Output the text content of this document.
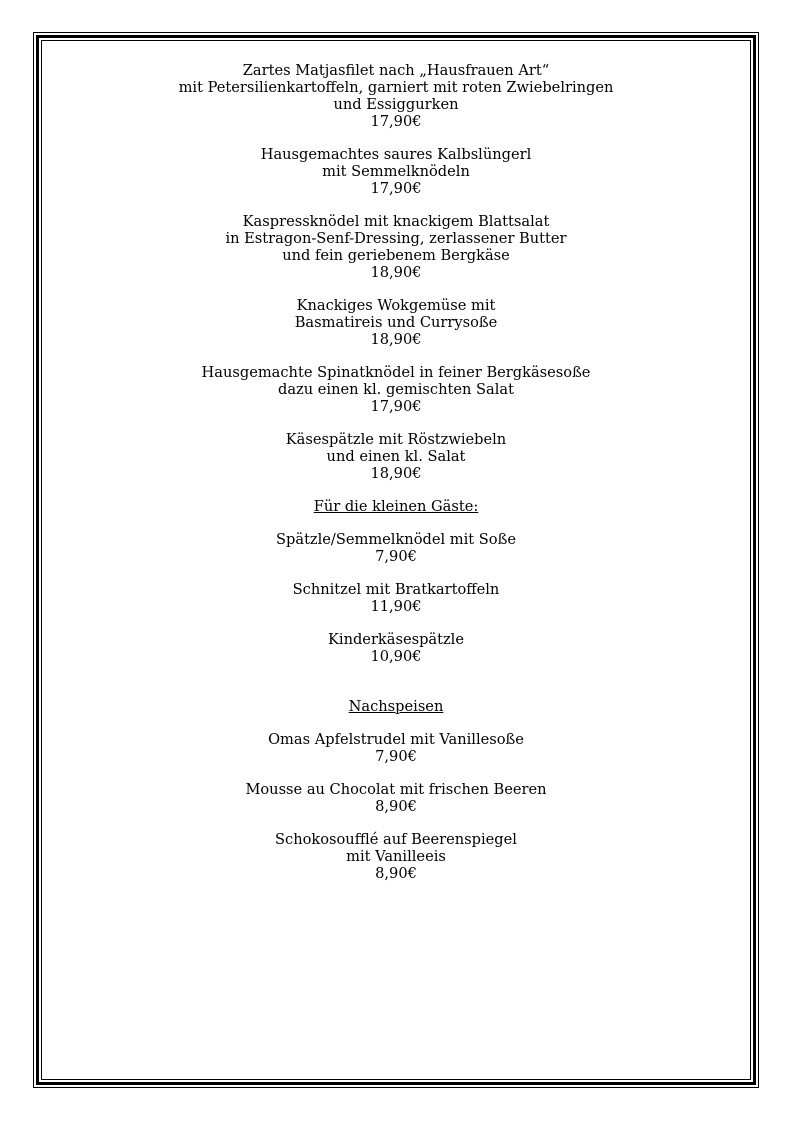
Zartes Matjasfilet nach „Hausfrauen Art“
mit Petersilienkartoffeln, garniert mit roten Zwiebelringen
und Essiggurken
17,90€
Hausgemachtes saures Kalbslüngerl
mit Semmelknödeln
17,90€
Kaspressknödel mit knackigem Blattsalat
in Estragon-Senf-Dressing, zerlassener Butter
und fein geriebenem Bergkäse
18,90€
Knackiges Wokgemüse mit
Basmatireis und Currysoße
18,90€
Hausgemachte Spinatknödel in feiner Bergkäsesoße
dazu einen kl. gemischten Salat
17,90€
Käsespätzle mit Röstzwiebeln
und einen kl. Salat
18,90€
Für die kleinen Gäste:
Spätzle/Semmelknödel mit Soße
7,90€
Schnitzel mit Bratkartoffeln
11,90€
Kinderkäsespätzle
10,90€
Nachspeisen
Omas Apfelstrudel mit Vanillesoße
7,90€
Mousse au Chocolat mit frischen Beeren
8,90€
Schokosoufflé auf Beerenspiegel
mit Vanilleeis
8,90€
